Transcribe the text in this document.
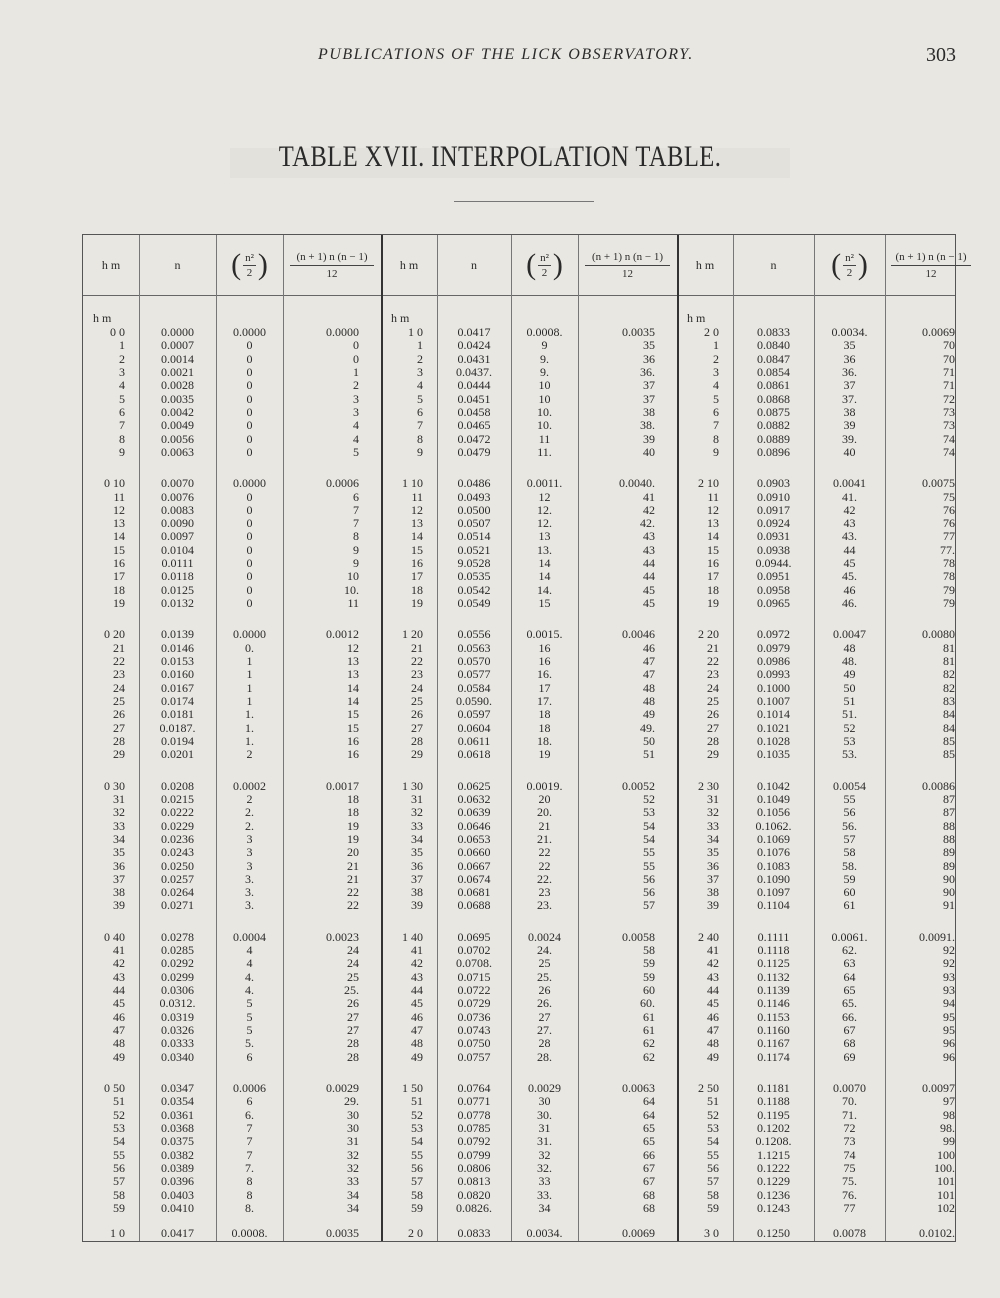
PUBLICATIONS OF THE LICK OBSERVATORY.	303
TABLE XVII. INTERPOLATION TABLE.
h m	n	( $\frac{\text{n²}}{2}$ ) $\frac{(n + 1) n (n - 1)}{12}$
h m
h m	n	( $\frac{\text{n²}}{2}$ ) $\frac{(n + 1) n (n - 1)}{12}$
h m
h m	n	( $\frac{\text{n²}}{2}$ ) $\frac{(n + 1) n (n - 1)}{12}$
h m
0 0	0.0000	0.0000	0.0000
1	0.0007	0	0
2	0.0014	0	0
3	0.0021	0	1
4	0.0028	0	2
5	0.0035	0	3
6	0.0042	0	3
7	0.0049	0	4
8	0.0056	0	4
9	0.0063	0	5
0 10	0.0070	0.0000	0.0006
11	0.0076	0	6
12	0.0083	0	7
13	0.0090	0	7
14	0.0097	0	8
15	0.0104	0	9
16	0.0111	0	9
17	0.0118	0	10
18	0.0125	0	10.
19	0.0132	0	11
0 20	0.0139	0.0000	0.0012
21	0.0146	0.	12
22	0.0153	1	13
23	0.0160	1	13
24	0.0167	1	14
25	0.0174	1	14
26	0.0181	1.	15
27	0.0187.	1.	15
28	0.0194	1.	16
29	0.0201	2	16
0 30	0.0208	0.0002	0.0017
31	0.0215	2	18
32	0.0222	2.	18
33	0.0229	2.	19
34	0.0236	3	19
35	0.0243	3	20
36	0.0250	3	21
37	0.0257	3.	21
38	0.0264	3.	22
39	0.0271	3.	22
0 40	0.0278	0.0004	0.0023
41	0.0285	4	24
42	0.0292	4	24
43	0.0299	4.	25
44	0.0306	4.	25.
45	0.0312.	5	26
46	0.0319	5	27
47	0.0326	5	27
48	0.0333	5.	28
49	0.0340	6	28
0 50	0.0347	0.0006	0.0029
51	0.0354	6	29.
52	0.0361	6.	30
53	0.0368	7	30
54	0.0375	7	31
55	0.0382	7	32
56	0.0389	7.	32
57	0.0396	8	33
58	0.0403	8	34
59	0.0410	8.	34
1 0	0.0417	0.0008.	0.0035
1 0	0.0417	0.0008.	0.0035
1	0.0424	9	35
2	0.0431	9.	36
3	0.0437.	9.	36.
4	0.0444	10	37
5	0.0451	10	37
6	0.0458	10.	38
7	0.0465	10.	38.
8	0.0472	11	39
9	0.0479	11.	40
1 10	0.0486	0.0011.	0.0040.
11	0.0493	12	41
12	0.0500	12.	42
13	0.0507	12.	42.
14	0.0514	13	43
15	0.0521	13.	43
16	9.0528	14	44
17	0.0535	14	44
18	0.0542	14.	45
19	0.0549	15	45
1 20	0.0556	0.0015.	0.0046
21	0.0563	16	46
22	0.0570	16	47
23	0.0577	16.	47
24	0.0584	17	48
25	0.0590.	17.	48
26	0.0597	18	49
27	0.0604	18	49.
28	0.0611	18.	50
29	0.0618	19	51
1 30	0.0625	0.0019.	0.0052
31	0.0632	20	52
32	0.0639	20.	53
33	0.0646	21	54
34	0.0653	21.	54
35	0.0660	22	55
36	0.0667	22	55
37	0.0674	22.	56
38	0.0681	23	56
39	0.0688	23.	57
1 40	0.0695	0.0024	0.0058
41	0.0702	24.	58
42	0.0708.	25	59
43	0.0715	25.	59
44	0.0722	26	60
45	0.0729	26.	60.
46	0.0736	27	61
47	0.0743	27.	61
48	0.0750	28	62
49	0.0757	28.	62
1 50	0.0764	0.0029	0.0063
51	0.0771	30	64
52	0.0778	30.	64
53	0.0785	31	65
54	0.0792	31.	65
55	0.0799	32	66
56	0.0806	32.	67
57	0.0813	33	67
58	0.0820	33.	68
59	0.0826.	34	68
2 0	0.0833	0.0034.	0.0069
2 0	0.0833	0.0034.	0.0069
1	0.0840	35	70
2	0.0847	36	70
3	0.0854	36.	71
4	0.0861	37	71
5	0.0868	37.	72
6	0.0875	38	73
7	0.0882	39	73
8	0.0889	39.	74
9	0.0896	40	74
2 10	0.0903	0.0041	0.0075
11	0.0910	41.	75
12	0.0917	42	76
13	0.0924	43	76
14	0.0931	43.	77
15	0.0938	44	77.
16	0.0944.	45	78
17	0.0951	45.	78
18	0.0958	46	79
19	0.0965	46.	79
2 20	0.0972	0.0047	0.0080
21	0.0979	48	81
22	0.0986	48.	81
23	0.0993	49	82
24	0.1000	50	82
25	0.1007	51	83
26	0.1014	51.	84
27	0.1021	52	84
28	0.1028	53	85
29	0.1035	53.	85
2 30	0.1042	0.0054	0.0086
31	0.1049	55	87
32	0.1056	56	87
33	0.1062.	56.	88
34	0.1069	57	88
35	0.1076	58	89
36	0.1083	58.	89
37	0.1090	59	90
38	0.1097	60	90
39	0.1104	61	91
2 40	0.1111	0.0061.	0.0091.
41	0.1118	62.	92
42	0.1125	63	92
43	0.1132	64	93
44	0.1139	65	93
45	0.1146	65.	94
46	0.1153	66.	95
47	0.1160	67	95
48	0.1167	68	96
49	0.1174	69	96
2 50	0.1181	0.0070	0.0097
51	0.1188	70.	97
52	0.1195	71.	98
53	0.1202	72	98.
54	0.1208.	73	99
55	1.1215	74	100
56	0.1222	75	100.
57	0.1229	75.	101
58	0.1236	76.	101
59	0.1243	77	102
3 0	0.1250	0.0078	0.0102.
